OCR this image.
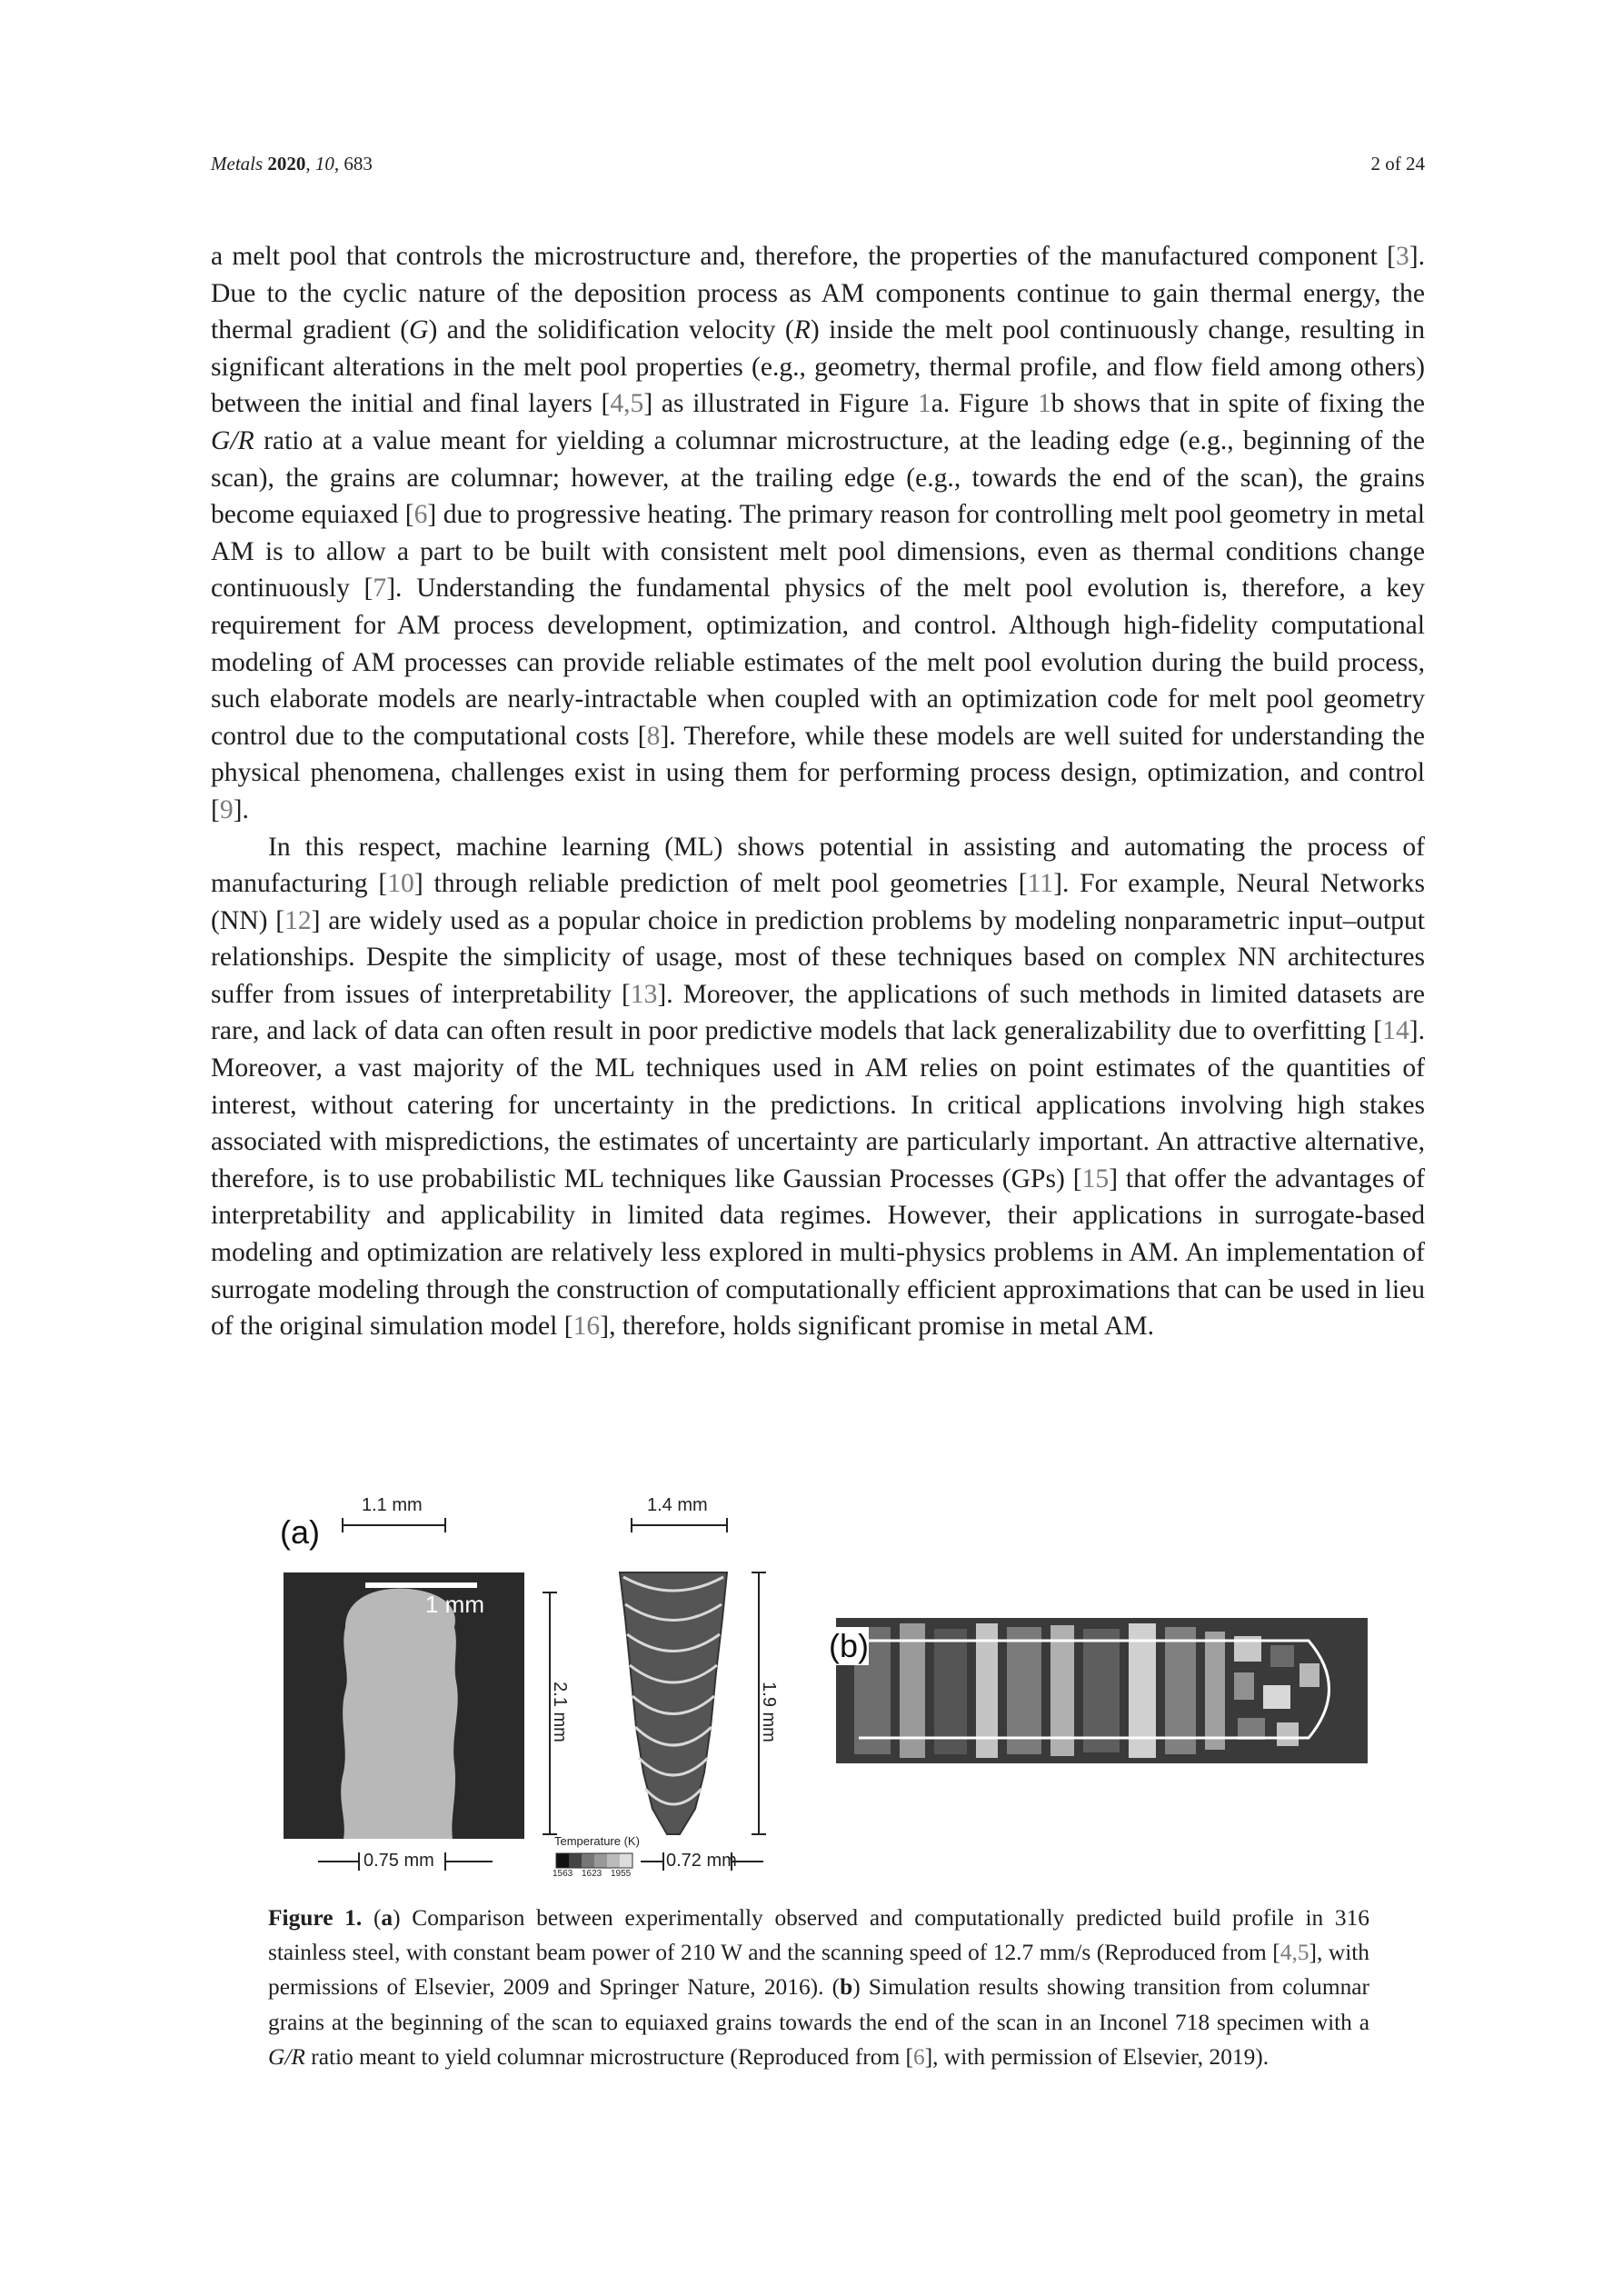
Metals 2020, 10, 683	2 of 24

a melt pool that controls the microstructure and, therefore, the properties of the manufactured component [3]. Due to the cyclic nature of the deposition process as AM components continue to gain thermal energy, the thermal gradient (G) and the solidification velocity (R) inside the melt pool continuously change, resulting in significant alterations in the melt pool properties (e.g., geometry, thermal profile, and flow field among others) between the initial and final layers [4,5] as illustrated in Figure 1a. Figure 1b shows that in spite of fixing the G/R ratio at a value meant for yielding a columnar microstructure, at the leading edge (e.g., beginning of the scan), the grains are columnar; however, at the trailing edge (e.g., towards the end of the scan), the grains become equiaxed [6] due to progressive heating. The primary reason for controlling melt pool geometry in metal AM is to allow a part to be built with consistent melt pool dimensions, even as thermal conditions change continuously [7]. Understanding the fundamental physics of the melt pool evolution is, therefore, a key requirement for AM process development, optimization, and control. Although high-fidelity computational modeling of AM processes can provide reliable estimates of the melt pool evolution during the build process, such elaborate models are nearly-intractable when coupled with an optimization code for melt pool geometry control due to the computational costs [8]. Therefore, while these models are well suited for understanding the physical phenomena, challenges exist in using them for performing process design, optimization, and control [9].

In this respect, machine learning (ML) shows potential in assisting and automating the process of manufacturing [10] through reliable prediction of melt pool geometries [11]. For example, Neural Networks (NN) [12] are widely used as a popular choice in prediction problems by modeling nonparametric input–output relationships. Despite the simplicity of usage, most of these techniques based on complex NN architectures suffer from issues of interpretability [13]. Moreover, the applications of such methods in limited datasets are rare, and lack of data can often result in poor predictive models that lack generalizability due to overfitting [14]. Moreover, a vast majority of the ML techniques used in AM relies on point estimates of the quantities of interest, without catering for uncertainty in the predictions. In critical applications involving high stakes associated with mispredictions, the estimates of uncertainty are particularly important. An attractive alternative, therefore, is to use probabilistic ML techniques like Gaussian Processes (GPs) [15] that offer the advantages of interpretability and applicability in limited data regimes. However, their applications in surrogate-based modeling and optimization are relatively less explored in multi-physics problems in AM. An implementation of surrogate modeling through the construction of computationally efficient approximations that can be used in lieu of the original simulation model [16], therefore, holds significant promise in metal AM.

(a)
(b)
1.1 mm	1.4 mm
1 mm
2.1 mm	1.9 mm
0.75 mm	0.72 mm
Temperature (K)
1563 1623 1955
Figure 1. (a) Comparison between experimentally observed and computationally predicted build profile in 316 stainless steel, with constant beam power of 210 W and the scanning speed of 12.7 mm/s (Reproduced from [4,5], with permissions of Elsevier, 2009 and Springer Nature, 2016). (b) Simulation results showing transition from columnar grains at the beginning of the scan to equiaxed grains towards the end of the scan in an Inconel 718 specimen with a G/R ratio meant to yield columnar microstructure (Reproduced from [6], with permission of Elsevier, 2019).
